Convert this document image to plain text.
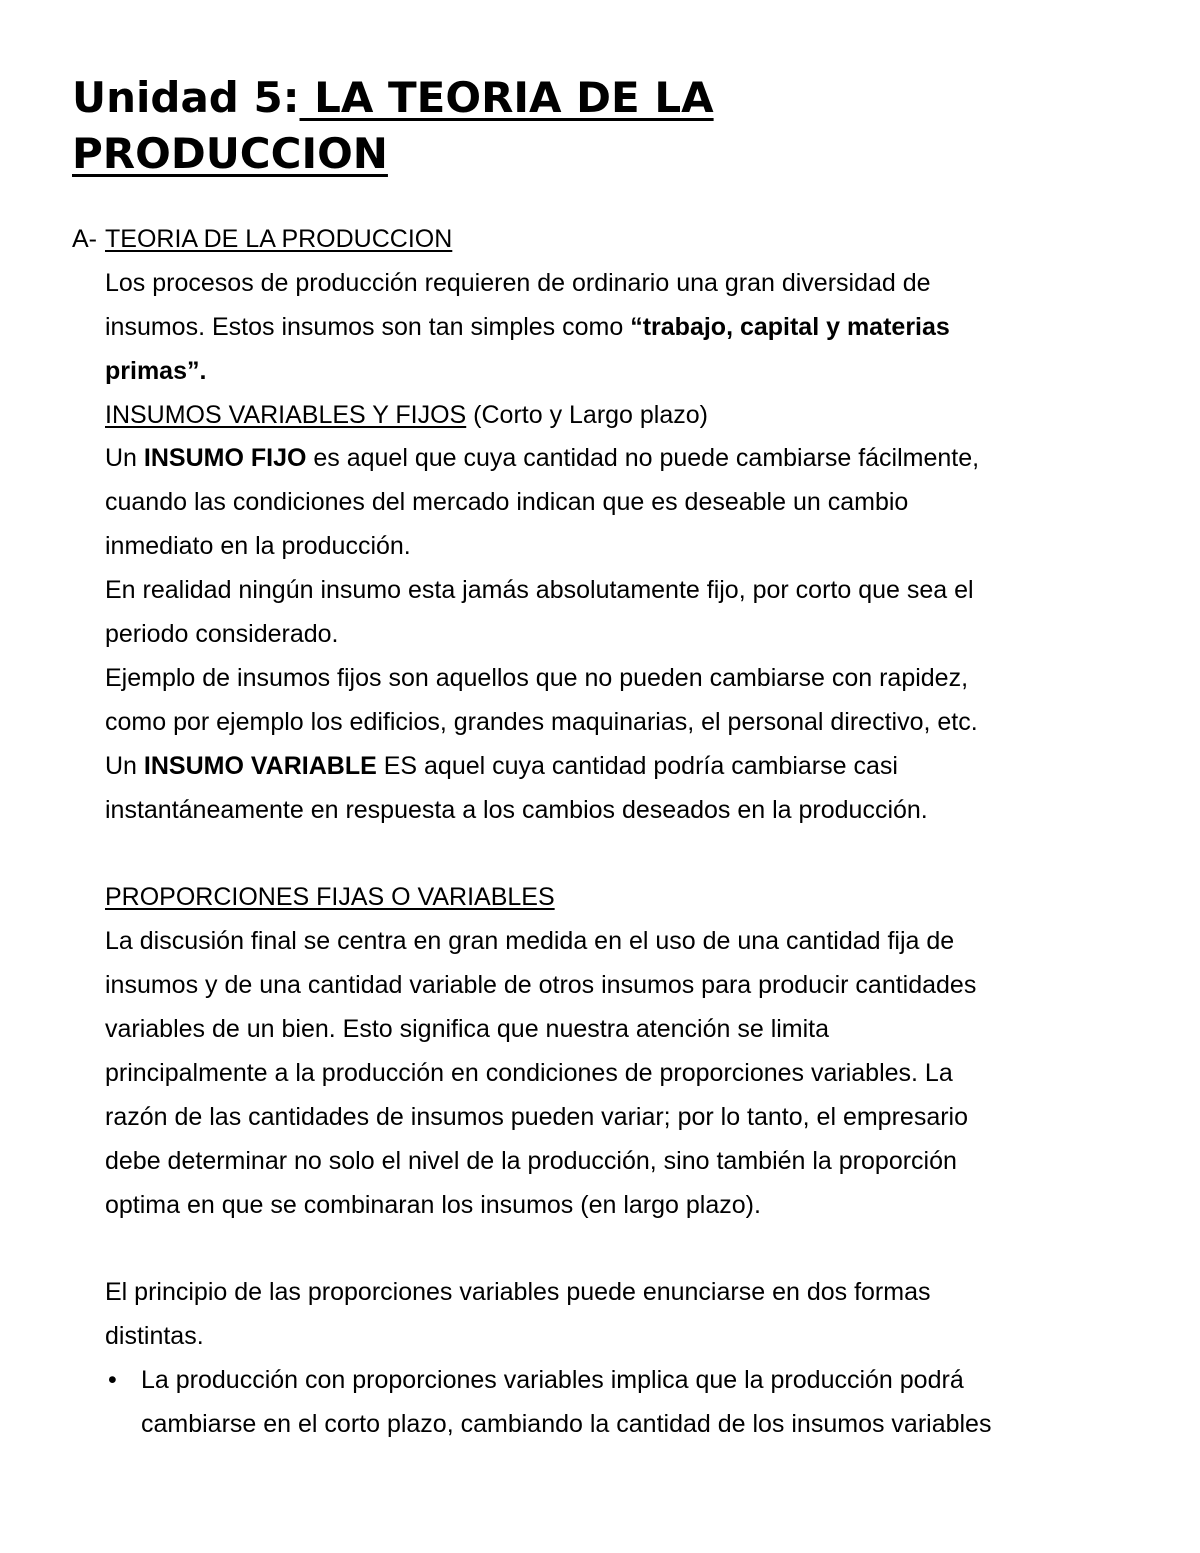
Unidad 5: LA TEORIA DE LA
PRODUCCION
A- TEORIA DE LA PRODUCCION
Los procesos de producción requieren de ordinario una gran diversidad de
insumos. Estos insumos son tan simples como “trabajo, capital y materias
primas”.
INSUMOS VARIABLES Y FIJOS (Corto y Largo plazo)
Un INSUMO FIJO es aquel que cuya cantidad no puede cambiarse fácilmente,
cuando las condiciones del mercado indican que es deseable un cambio
inmediato en la producción.
En realidad ningún insumo esta jamás absolutamente fijo, por corto que sea el
periodo considerado.
Ejemplo de insumos fijos son aquellos que no pueden cambiarse con rapidez,
como por ejemplo los edificios, grandes maquinarias, el personal directivo, etc.
Un INSUMO VARIABLE ES aquel cuya cantidad podría cambiarse casi
instantáneamente en respuesta a los cambios deseados en la producción.
PROPORCIONES FIJAS O VARIABLES
La discusión final se centra en gran medida en el uso de una cantidad fija de
insumos y de una cantidad variable de otros insumos para producir cantidades
variables de un bien. Esto significa que nuestra atención se limita
principalmente a la producción en condiciones de proporciones variables. La
razón de las cantidades de insumos pueden variar; por lo tanto, el empresario
debe determinar no solo el nivel de la producción, sino también la proporción
optima en que se combinaran los insumos (en largo plazo).
El principio de las proporciones variables puede enunciarse en dos formas
distintas.
• La producción con proporciones variables implica que la producción podrá
cambiarse en el corto plazo, cambiando la cantidad de los insumos variables
